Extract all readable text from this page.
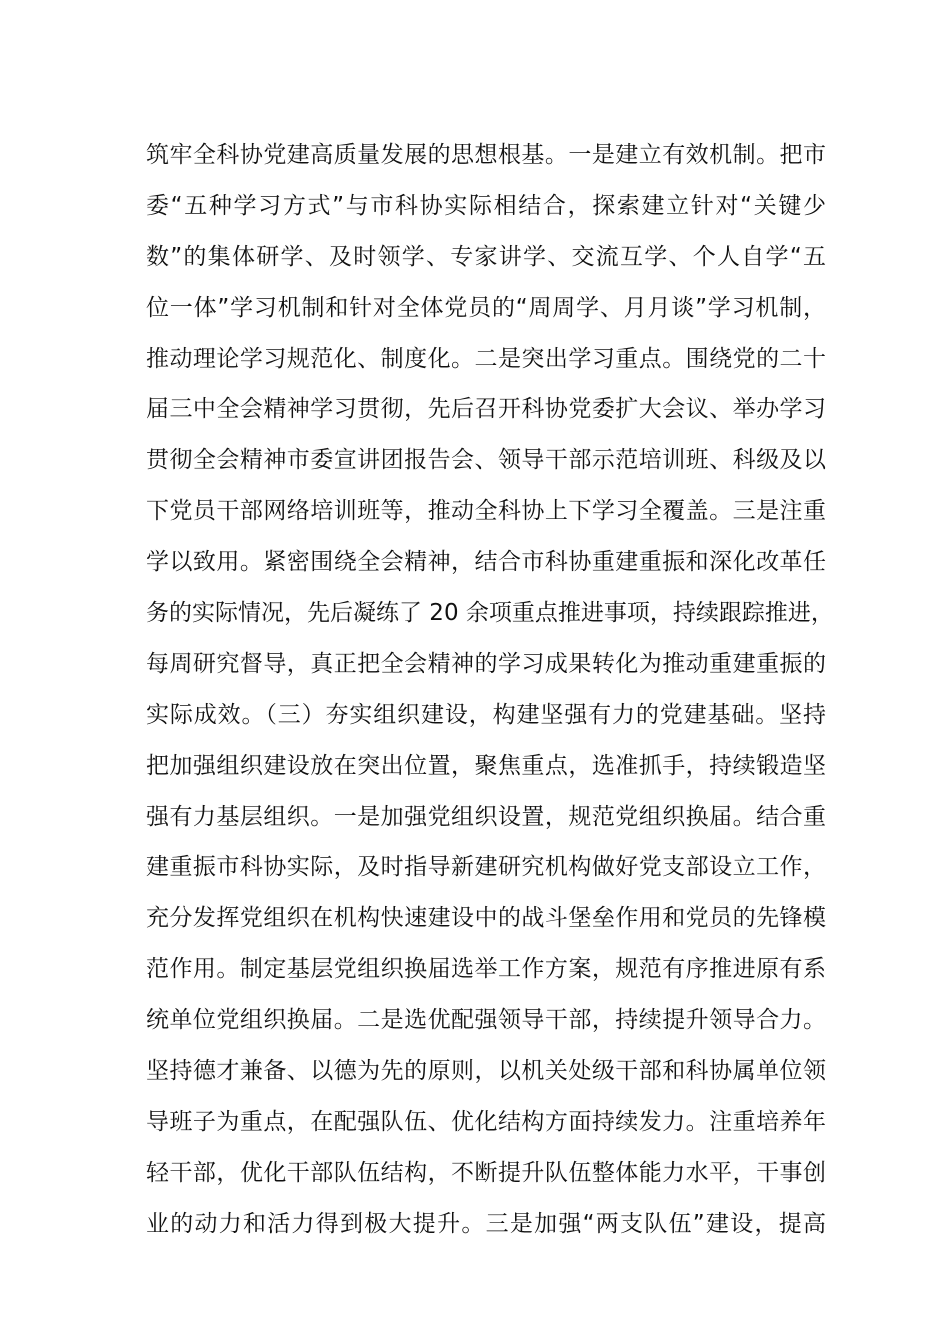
筑牢全科协党建高质量发展的思想根基。一是建立有效机制。把市
委“五种学习方式”与市科协实际相结合，探索建立针对“关键少
数”的集体研学、及时领学、专家讲学、交流互学、个人自学“五
位一体”学习机制和针对全体党员的“周周学、月月谈”学习机制，
推动理论学习规范化、制度化。二是突出学习重点。围绕党的二十
届三中全会精神学习贯彻，先后召开科协党委扩大会议、举办学习
贯彻全会精神市委宣讲团报告会、领导干部示范培训班、科级及以
下党员干部网络培训班等，推动全科协上下学习全覆盖。三是注重
学以致用。紧密围绕全会精神，结合市科协重建重振和深化改革任
务的实际情况，先后凝练了 20 余项重点推进事项，持续跟踪推进，
每周研究督导，真正把全会精神的学习成果转化为推动重建重振的
实际成效。（三）夯实组织建设，构建坚强有力的党建基础。坚持
把加强组织建设放在突出位置，聚焦重点，选准抓手，持续锻造坚
强有力基层组织。一是加强党组织设置，规范党组织换届。结合重
建重振市科协实际，及时指导新建研究机构做好党支部设立工作，
充分发挥党组织在机构快速建设中的战斗堡垒作用和党员的先锋模
范作用。制定基层党组织换届选举工作方案，规范有序推进原有系
统单位党组织换届。二是选优配强领导干部，持续提升领导合力。
坚持德才兼备、以德为先的原则，以机关处级干部和科协属单位领
导班子为重点，在配强队伍、优化结构方面持续发力。注重培养年
轻干部，优化干部队伍结构，不断提升队伍整体能力水平，干事创
业的动力和活力得到极大提升。三是加强“两支队伍”建设，提高
